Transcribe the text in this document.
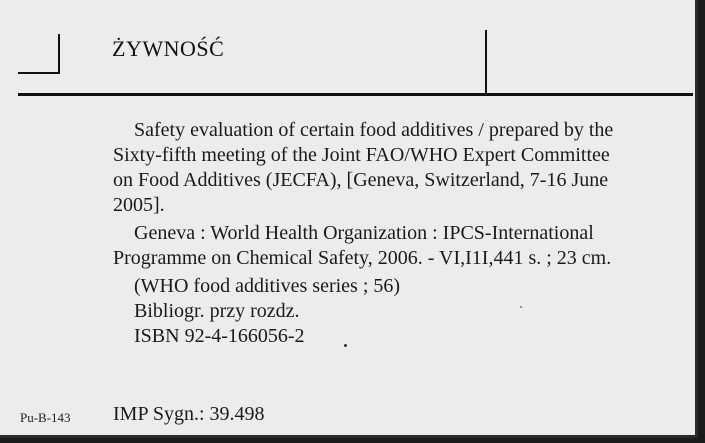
ŻYWNOŚĆ

Safety evaluation of certain food additives / prepared by the Sixty-fifth meeting of the Joint FAO/WHO Expert Committee on Food Additives (JECFA), [Geneva, Switzerland, 7-16 June 2005].

Geneva : World Health Organization : IPCS-International Programme on Chemical Safety, 2006. - VI,I1I,441 s. ; 23 cm.

(WHO food additives series ; 56)

Bibliogr. przy rozdz.

ISBN 92-4-166056-2

Pu-B-143 IMP Sygn.: 39.498
